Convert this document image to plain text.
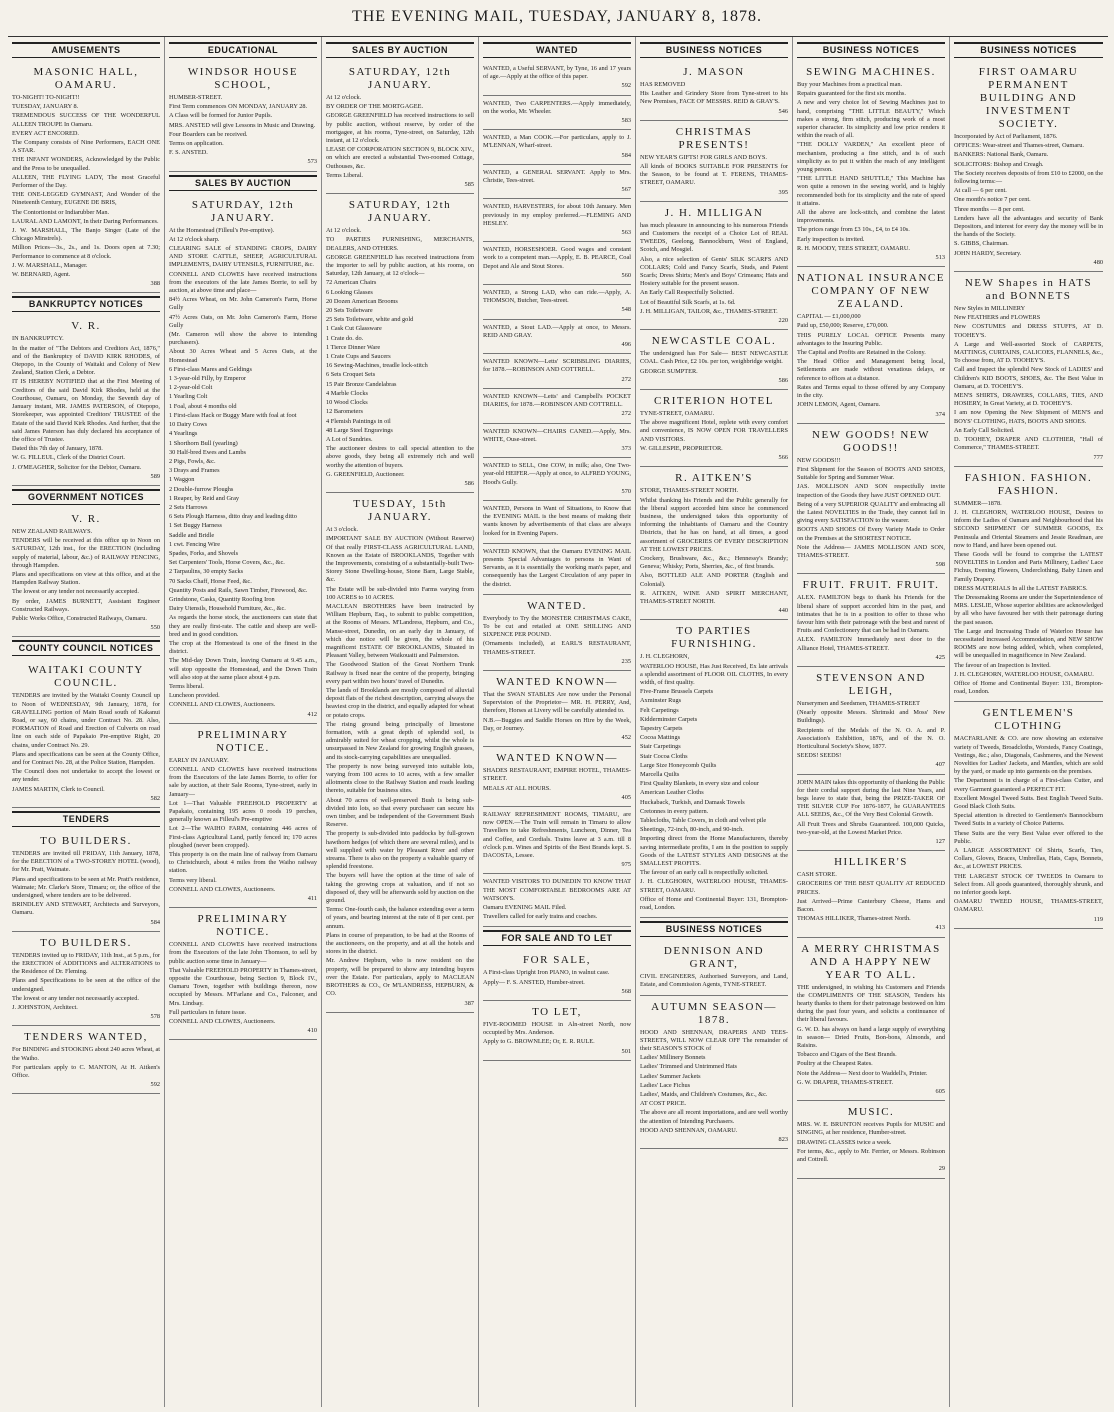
THE EVENING MAIL, TUESDAY, JANUARY 8, 1878.
AMUSEMENTS
MASONIC HALL, OAMARU.

TO-NIGHT! TO-NIGHT!!

TUESDAY, JANUARY 8.

TREMENDOUS SUCCESS OF THE WONDERFUL ALLEEN TROUPE In Oamaru.

EVERY ACT ENCORED.

The Company consists of Nine Performers, EACH ONE A STAR.

THE INFANT WONDERS, Acknowledged by the Public and the Press to be unequalled.

ALLEEN, THE FLYING LADY, The most Graceful Performer of the Day.

THE ONE-LEGGED GYMNAST, And Wonder of the Nineteenth Century, EUGENE DE BRIS,

The Contortionist or Indiarubber Man.

LAURAL AND LAMONT, In their Daring Performances.

J. W. MARSHALL, The Banjo Singer (Late of the Chicago Minstrels).

Million Prices—3s., 2s., and 1s. Doors open at 7.30; Performance to commence at 8 o'clock.

J. W. MARSHALL, Manager.

W. BERNARD, Agent.

388
BANKRUPTCY NOTICES
V. R.

IN BANKRUPTCY.

In the matter of "The Debtors and Creditors Act, 1876," and of the Bankruptcy of DAVID KIRK RHODES, of Otepopo, in the County of Waitaki and Colony of New Zealand, Station Clerk, a Debtor.

IT IS HEREBY NOTIFIED that at the First Meeting of Creditors of the said David Kirk Rhodes, held at the Courthouse, Oamaru, on Monday, the Seventh day of January instant, MR. JAMES PATERSON, of Otepopo, Storekeeper, was appointed Creditors' TRUSTEE of the Estate of the said David Kirk Rhodes. And further, that the said James Paterson has duly declared his acceptance of the office of Trustee.

Dated this 7th day of January, 1878.

W. G. FILLEUL, Clerk of the District Court.

J. O'MEAGHER, Solicitor for the Debtor, Oamaru.

589
GOVERNMENT NOTICES
V. R.

NEW ZEALAND RAILWAYS.

TENDERS will be received at this office up to Noon on SATURDAY, 12th inst., for the ERECTION (including supply of material, labour, &c.) of RAILWAY FENCING, through Hampden.

Plans and specifications on view at this office, and at the Hampden Railway Station.

The lowest or any tender not necessarily accepted.

By order, JAMES BURNETT, Assistant Engineer Constructed Railways.

Public Works Office, Constructed Railways, Oamaru.

550
COUNTY COUNCIL NOTICES
WAITAKI COUNTY COUNCIL.

TENDERS are invited by the Waitaki County Council up to Noon of WEDNESDAY, 9th January, 1878, for GRAVELLING portion of Main Road south of Kakanui Road, or say, 60 chains, under Contract No. 28. Also, FORMATION of Road and Erection of Culverts on road line on each side of Papakaio Pre-emptive Right, 20 chains, under Contract No. 29.

Plans and specifications can be seen at the County Office, and for Contract No. 28, at the Police Station, Hampden.

The Council does not undertake to accept the lowest or any tender.

JAMES MARTIN, Clerk to Council.

582
TENDERS
TO BUILDERS.

TENDERS are invited till FRIDAY, 11th January, 1878, for the ERECTION of a TWO-STOREY HOTEL (wood), for Mr. Pratt, Waimate.

Plans and specifications to be seen at Mr. Pratt's residence, Waimate; Mr. Clarke's Store, Timaru; or, the office of the undersigned, where tenders are to be delivered.

BRINDLEY AND STEWART, Architects and Surveyors, Oamaru.

584
TO BUILDERS.

TENDERS invited up to FRIDAY, 11th Inst., at 5 p.m., for the ERECTION of ADDITIONS and ALTERATIONS to the Residence of Dr. Fleming.

Plans and Specifications to be seen at the office of the undersigned.

The lowest or any tender not necessarily accepted.

J. JOHNSTON, Architect.

578
TENDERS WANTED,

For BINDING and STOOKING about 240 acres Wheat, at the Waiho.

For particulars apply to C. MANTON, At H. Aitken's Office.

592
EDUCATIONAL
WINDSOR HOUSE SCHOOL,

HUMBER-STREET.

First Term commences ON MONDAY, JANUARY 28.

A Class will be formed for Junior Pupils.

MRS. ANSTED will give Lessons in Music and Drawing.

Four Boarders can be received.

Terms on application.

F. S. ANSTED.

573
SALES BY AUCTION
SATURDAY, 12th JANUARY.

At the Homestead (Filleul's Pre-emptive).

At 12 o'clock sharp.

CLEARING SALE of STANDING CROPS, DAIRY AND STORE CATTLE, SHEEP, AGRICULTURAL IMPLEMENTS, DAIRY UTENSILS, FURNITURE, &c.

CONNELL AND CLOWES have received instructions from the executors of the late James Borrie, to sell by auction, at above time and place—

84½ Acres Wheat, on Mr. John Cameron's Farm, Horse Gully

47½ Acres Oats, on Mr. John Cameron's Farm, Horse Gully

(Mr. Cameron will show the above to intending purchasers).

About 30 Acres Wheat and 5 Acres Oats, at the Homestead

6 First-class Mares and Geldings

1 3-year-old Filly, by Emperor

1 2-year-old Colt

1 Yearling Colt

1 Foal, about 4 months old

1 First-class Hack or Buggy Mare with foal at foot

10 Dairy Cows

4 Yearlings

1 Shorthorn Bull (yearling)

30 Half-bred Ewes and Lambs

2 Pigs, Fowls, &c.

3 Drays and Frames

1 Waggon

2 Double-furrow Ploughs

1 Reaper, by Reid and Gray

2 Sets Harrows

6 Sets Plough Harness, ditto dray and leading ditto

1 Set Buggy Harness

Saddle and Bridle

1 cwt. Fencing Wire

Spades, Forks, and Shovels

Set Carpenters' Tools, Horse Covers, &c., &c.

2 Tarpaulins, 30 empty Sacks

70 Sacks Chaff, Horse Feed, &c.

Quantity Posts and Rails, Sawn Timber, Firewood, &c.

Grindstone, Casks, Quantity Roofing Iron

Dairy Utensils, Household Furniture, &c., &c.

As regards the horse stock, the auctioneers can state that they are really first-rate. The cattle and sheep are well-bred and in good condition.

The crop at the Homestead is one of the finest in the district.

The Mid-day Down Train, leaving Oamaru at 9.45 a.m., will stop opposite the Homestead, and the Down Train will also stop at the same place about 4 p.m.

Terms liberal.

Luncheon provided.

CONNELL AND CLOWES, Auctioneers.

412
PRELIMINARY NOTICE.

EARLY IN JANUARY.

CONNELL AND CLOWES have received instructions from the Executors of the late James Borrie, to offer for sale by auction, at their Sale Rooms, Tyne-street, early in January—

Lot 1—That Valuable FREEHOLD PROPERTY at Papakaio, containing 195 acres 0 roods 19 perches, generally known as Filleul's Pre-emptive

Lot 2—The WAIHO FARM, containing 446 acres of First-class Agricultural Land, partly fenced in; 170 acres ploughed (never been cropped).

This property is on the main line of railway from Oamaru to Christchurch, about 4 miles from the Waiho railway station.

Terms very liberal.

CONNELL AND CLOWES, Auctioneers.

411
PRELIMINARY NOTICE.

CONNELL AND CLOWES have received instructions from the Executors of the late John Thomson, to sell by public auction some time in January—

That Valuable FREEHOLD PROPERTY in Thames-street, opposite the Courthouse, being Section 9, Block IV., Oamaru Town, together with buildings thereon, now occupied by Messrs. M'Farlane and Co., Falconer, and Mrs. Lindsay.

Full particulars in future issue.

CONNELL AND CLOWES, Auctioneers.

410
SALES BY AUCTION
SATURDAY, 12th JANUARY.

At 12 o'clock.

BY ORDER OF THE MORTGAGEE.

GEORGE GREENFIELD has received instructions to sell by public auction, without reserve, by order of the mortgagee, at his rooms, Tyne-street, on Saturday, 12th instant, at 12 o'clock.

LEASE OF CORPORATION SECTION 9, BLOCK XIV., on which are erected a substantial Two-roomed Cottage, Outhouses, &c.

Terms Liberal.

585
SATURDAY, 12th JANUARY.

At 12 o'clock.

TO PARTIES FURNISHING, MERCHANTS, DEALERS, AND OTHERS.

GEORGE GREENFIELD has received instructions from the importer to sell by public auction, at his rooms, on Saturday, 12th January, at 12 o'clock—

72 American Chairs

6 Looking Glasses

20 Dozen American Brooms

20 Sets Toiletware

25 Sets Toiletware, white and gold

1 Cask Cut Glassware

1 Crate do. do.

1 Tierce Dinner Ware

1 Crate Cups and Saucers

16 Sewing-Machines, treadle lock-stitch

6 Sets Croquet Sets

15 Pair Bronze Candelabras

4 Marble Clocks

10 Wood Clocks

12 Barometers

4 Flemish Paintings in oil

48 Large Steel Engravings

A Lot of Sundries.

The auctioneer desires to call special attention to the above goods, they being all extremely rich and well worthy the attention of buyers.

G. GREENFIELD, Auctioneer.

586
TUESDAY, 15th JANUARY.

At 3 o'clock.

IMPORTANT SALE BY AUCTION (Without Reserve) Of that really FIRST-CLASS AGRICULTURAL LAND, Known as the Estate of BROOKLANDS, Together with the Improvements, consisting of a substantially-built Two-Storey Stone Dwelling-house, Stone Barn, Large Stable, &c.

The Estate will be sub-divided into Farms varying from 100 ACRES to 10 ACRES.

MACLEAN BROTHERS have been instructed by William Hepburn, Esq., to submit to public competition, at the Rooms of Messrs. M'Landress, Hepburn, and Co., Manse-street, Dunedin, on an early day in January, of which due notice will be given, the whole of his magnificent ESTATE OF BROOKLANDS, Situated in Pleasant Valley, between Waikouaiti and Palmerston.

The Goodwood Station of the Great Northern Trunk Railway is fixed near the centre of the property, bringing every part within two hours' travel of Dunedin.

The lands of Brooklands are mostly composed of alluvial deposit flats of the richest description, carrying always the heaviest crop in the district, and equally adapted for wheat or potato crops.

The rising ground being principally of limestone formation, with a great depth of splendid soil, is admirably suited for wheat cropping, whilst the whole is unsurpassed in New Zealand for growing English grasses, and its stock-carrying capabilities are unequalled.

The property is now being surveyed into suitable lots, varying from 100 acres to 10 acres, with a few smaller allotments close to the Railway Station and roads leading thereto, suitable for business sites.

About 70 acres of well-preserved Bush is being sub-divided into lots, so that every purchaser can secure his own timber, and be independent of the Government Bush Reserve.

The property is sub-divided into paddocks by full-grown hawthorn hedges (of which there are several miles), and is well supplied with water by Pleasant River and other streams. There is also on the property a valuable quarry of splendid freestone.

The buyers will have the option at the time of sale of taking the growing crops at valuation, and if not so disposed of, they will be afterwards sold by auction on the ground.

Terms: One-fourth cash, the balance extending over a term of years, and bearing interest at the rate of 8 per cent. per annum.

Plans in course of preparation, to be had at the Rooms of the auctioneers, on the property, and at all the hotels and stores in the district.

Mr. Andrew Hepburn, who is now resident on the property, will be prepared to show any intending buyers over the Estate. For particulars, apply to MACLEAN BROTHERS & CO., Or M'LANDRESS, HEPBURN, & CO.

387
WANTED

WANTED, a Useful SERVANT, by Tyne, 16 and 17 years of age.—Apply at the office of this paper.

592

WANTED, Two CARPENTERS.—Apply immediately, on the works, Mr. Wheeler.

583

WANTED, a Man COOK.—For particulars, apply to J. M'LENNAN, Wharf-street.

584

WANTED, a GENERAL SERVANT. Apply to Mrs. Christie, Tees-street.

567

WANTED, HARVESTERS, for about 10th January. Men previously in my employ preferred.—FLEMING AND HESLEY.

563

WANTED, HORSESHOER. Good wages and constant work to a competent man.—Apply, E. B. PEARCE, Coal Depot and Ale and Stout Stores.

560

WANTED, a Strong LAD, who can ride.—Apply, A. THOMSON, Butcher, Tees-street.

548

WANTED, a Stout LAD.—Apply at once, to Messrs. REID AND GRAY.

496

WANTED KNOWN—Letts' SCRIBBLING DIARIES, for 1878.—ROBINSON AND COTTRELL.

272

WANTED KNOWN—Letts' and Campbell's POCKET DIARIES, for 1878.—ROBINSON AND COTTRELL.

272

WANTED KNOWN—CHAIRS CANED.—Apply, Mrs. WHITE, Ouse-street.

373

WANTED to SELL, One COW, in milk; also, One Two-year-old HEIFER.—Apply at once, to ALFRED YOUNG, Hood's Gully.

570

WANTED, Persons in Want of Situations, to Know that the EVENING MAIL is the best means of making their wants known by advertisements of that class are always looked for in Evening Papers.

WANTED KNOWN, that the Oamaru EVENING MAIL presents Special Advantages to persons in Want of Servants, as it is essentially the working man's paper, and consequently has the Largest Circulation of any paper in the district.

WANTED.

Everybody to Try the MONSTER CHRISTMAS CAKE, To be cut and retailed at ONE SHILLING AND SIXPENCE PER POUND.

(Ornaments included), at EARL'S RESTAURANT, THAMES-STREET.

235
WANTED KNOWN—

That the SWAN STABLES Are now under the Personal Supervision of the Proprietor— MR. H. PERRY, And, therefore, Horses at Livery will be carefully attended to.

N.B.—Buggies and Saddle Horses on Hire by the Week, Day, or Journey.

452
WANTED KNOWN—

SHADES RESTAURANT, EMPIRE HOTEL, THAMES-STREET.

MEALS AT ALL HOURS.

405

RAILWAY REFRESHMENT ROOMS, TIMARU, are now OPEN.—The Train will remain in Timaru to allow Travellers to take Refreshments, Luncheon, Dinner, Tea and Coffee, and Cordials. Trains leave at 3 a.m. till 8 o'clock p.m. Wines and Spirits of the Best Brands kept. S. DACOSTA, Lessee.

975

WANTED VISITORS TO DUNEDIN TO KNOW THAT THE MOST COMFORTABLE BEDROOMS ARE AT WATSON'S.

Oamaru EVENING MAIL Filed.

Travellers called for early trains and coaches.

FOR SALE AND TO LET
FOR SALE,

A First-class Upright Iron PIANO, in walnut case.

Apply— F. S. ANSTED, Humber-street.

568
TO LET,

FIVE-ROOMED HOUSE in Aln-street North, now occupied by Mrs. Anderson.

Apply to G. BROWNLEE; Or, E. R. RULE.

501
BUSINESS NOTICES
J. MASON

HAS REMOVED

His Leather and Grindery Store from Tyne-street to his New Premises, FACE OF MESSRS. REID & GRAY'S.

546
CHRISTMAS PRESENTS!

NEW YEAR'S GIFTS! FOR GIRLS AND BOYS.

All kinds of BOOKS SUITABLE FOR PRESENTS for the Season, to be found at T. FERENS, THAMES-STREET, OAMARU.

395
J. H. MILLIGAN

has much pleasure in announcing to his numerous Friends and Customers the receipt of a Choice Lot of REAL TWEEDS, Geelong, Bannockburn, West of England, Scotch, and Mosgiel.

Also, a nice selection of Gents' SILK SCARFS AND COLLARS; Cold and Fancy Scarfs, Studs, and Patent Scarfs; Dress Shirts; Men's and Boys' Crimeans; Hats and Hosiery suitable for the present season.

An Early Call Respectfully Solicited.

Lot of Beautiful Silk Scarfs, at 1s. 6d.

J. H. MILLIGAN, TAILOR, &c., THAMES-STREET.

220
NEWCASTLE COAL.

The undersigned has For Sale— BEST NEWCASTLE COAL. Cash Price, £2 10s. per ton, weighbridge weight.

GEORGE SUMPTER.

586
CRITERION HOTEL

TYNE-STREET, OAMARU.

The above magnificent Hotel, replete with every comfort and convenience, IS NOW OPEN FOR TRAVELLERS AND VISITORS.

W. GILLESPIE, PROPRIETOR.

566
R. AITKEN'S

STORE, THAMES-STREET NORTH.

Whilst thanking his Friends and the Public generally for the liberal support accorded him since he commenced business, the undersigned takes this opportunity of informing the inhabitants of Oamaru and the Country Districts, that he has on hand, at all times, a good assortment of GROCERIES OF EVERY DESCRIPTION AT THE LOWEST PRICES.

Crockery, Brushware, &c., &c.; Hennessy's Brandy; Geneva; Whisky; Ports, Sherries, &c., of first brands.

Also, BOTTLED ALE AND PORTER (English and Colonial).

R. AITKEN, WINE AND SPIRIT MERCHANT, THAMES-STREET NORTH.

440
TO PARTIES FURNISHING.

J. H. CLEGHORN,

WATERLOO HOUSE, Has Just Received, Ex late arrivals a splendid assortment of FLOOR OIL CLOTHS, In every width, of first quality.

Five-Frame Brussels Carpets

Axminster Rugs

Felt Carpetings

Kidderminster Carpets

Tapestry Carpets

Cocoa Mattings

Stair Carpetings

Stair Cocoa Cloths

Large Size Honeycomb Quilts

Marcella Quilts

First Quality Blankets, in every size and colour

American Leather Cloths

Huckaback, Turkish, and Damask Towels

Cretonnes in every pattern.

Tablecloths, Table Covers, in cloth and velvet pile

Sheetings, 72-inch, 80-inch, and 90-inch.

Importing direct from the Home Manufacturers, thereby saving intermediate profits, I am in the position to supply Goods of the LATEST STYLES AND DESIGNS at the SMALLEST PROFITS.

The favour of an early call is respectfully solicited.

J. H. CLEGHORN, WATERLOO HOUSE, THAMES-STREET, OAMARU.

Office of Home and Continental Buyer: 131, Brompton-road, London.

BUSINESS NOTICES
DENNISON AND GRANT,

CIVIL ENGINEERS, Authorised Surveyors, and Land, Estate, and Commission Agents, TYNE-STREET.

AUTUMN SEASON—1878.

HOOD AND SHENNAN, DRAPERS AND TEES-STREETS, WILL NOW CLEAR OFF The remainder of their SEASON'S STOCK of

Ladies' Millinery Bonnets

Ladies' Trimmed and Untrimmed Hats

Ladies' Summer Jackets

Ladies' Lace Fichus

Ladies', Maids, and Children's Costumes, &c., &c.

AT COST PRICE.

The above are all recent importations, and are well worthy the attention of Intending Purchasers.

HOOD AND SHENNAN, OAMARU.

823
BUSINESS NOTICES
SEWING MACHINES.

Buy your Machines from a practical man.

Repairs guaranteed for the first six months.

A new and very choice lot of Sewing Machines just to hand, comprising "THE LITTLE BEAUTY," Which makes a strong, firm stitch, producing work of a most superior character. Its simplicity and low price renders it within the reach of all.

"THE DOLLY VARDEN," An excellent piece of mechanism, producing a fine stitch, and is of such simplicity as to put it within the reach of any intelligent young person.

"THE LITTLE HAND SHUTTLE," This Machine has won quite a renown in the sewing world, and is highly recommended both for its simplicity and the rate of speed it attains.

All the above are lock-stitch, and combine the latest improvements.

The prices range from £3 10s., £4, to £4 10s.

Early inspection is invited.

R. H. MOODY, TEES STREET, OAMARU.

513
NATIONAL INSURANCE COMPANY OF NEW ZEALAND.

CAPITAL — £1,000,000

Paid up, £50,000; Reserve, £70,000.

THIS PURELY LOCAL OFFICE Presents many advantages to the Insuring Public.

The Capital and Profits are Retained in the Colony.

The Head Office and Management being local, Settlements are made without vexatious delays, or reference to offices at a distance.

Rates and Terms equal to those offered by any Company in the city.

JOHN LEMON, Agent, Oamaru.

374
NEW GOODS! NEW GOODS!!

NEW GOODS!!!

First Shipment for the Season of BOOTS AND SHOES, Suitable for Spring and Summer Wear.

JAS. MOLLISON AND SON respectfully invite inspection of the Goods they have JUST OPENED OUT.

Being of a very SUPERIOR QUALITY and embracing all the Latest NOVELTIES in the Trade, they cannot fail in giving every SATISFACTION to the wearer.

BOOTS AND SHOES Of Every Variety Made to Order on the Premises at the SHORTEST NOTICE.

Note the Address— JAMES MOLLISON AND SON, THAMES-STREET.

598
FRUIT. FRUIT. FRUIT.

ALEX. FAMILTON begs to thank his Friends for the liberal share of support accorded him in the past, and intimates that he is in a position to offer to those who favour him with their patronage with the best and rarest of Fruits and Confectionery that can be had in Oamaru.

ALEX. FAMILTON Immediately next door to the Alliance Hotel, THAMES-STREET.

425
STEVENSON AND LEIGH,

Nurserymen and Seedsmen, THAMES-STREET

(Nearly opposite Messrs. Shrimski and Moss' New Buildings).

Recipients of the Medals of the N. O. A. and P. Association's Exhibition, 1876, and of the N. O. Horticultural Society's Show, 1877.

SEEDS! SEEDS!

407

JOHN MAIN takes this opportunity of thanking the Public for their cordial support during the last Nine Years, and begs leave to state that, being the PRIZE-TAKER OF THE SILVER CUP For 1876-1877, he GUARANTEES ALL SEEDS, &c., Of the Very Best Colonial Growth.

All Fruit Trees and Shrubs Guaranteed. 100,000 Quicks, two-year-old, at the Lowest Market Price.

127
HILLIKER'S

CASH STORE.

GROCERIES OF THE BEST QUALITY AT REDUCED PRICES.

Just Arrived—Prime Canterbury Cheese, Hams and Bacon.

THOMAS HILLIKER, Thames-street North.

413
A MERRY CHRISTMAS AND A HAPPY NEW YEAR TO ALL.

THE undersigned, in wishing his Customers and Friends the COMPLIMENTS OF THE SEASON, Tenders his hearty thanks to them for their patronage bestowed on him during the past four years, and solicits a continuance of their liberal favours.

G. W. D. has always on hand a large supply of everything in season— Dried Fruits, Bon-bons, Almonds, and Raisins.

Tobacco and Cigars of the Best Brands.

Poultry at the Cheapest Rates.

Note the Address— Next door to Waddell's, Printer.

G. W. DRAPER, THAMES-STREET.

605
MUSIC.

MRS. W. E. BRUNTON receives Pupils for MUSIC and SINGING, at her residence, Humber-street.

DRAWING CLASSES twice a week.

For terms, &c., apply to Mr. Ferrier, or Messrs. Robinson and Cottrell.

29
BUSINESS NOTICES
FIRST OAMARU PERMANENT BUILDING AND INVESTMENT SOCIETY.

Incorporated by Act of Parliament, 1876.

OFFICES: Wear-street and Thames-street, Oamaru.

BANKERS: National Bank, Oamaru.

SOLICITORS: Bishop and Creagh.

The Society receives deposits of from £10 to £2000, on the following terms:—

At call — 6 per cent.

One month's notice 7 per cent.

Three months — 8 per cent.

Lenders have all the advantages and security of Bank Depositors, and interest for every day the money will be in the hands of the Society.

S. GIBBS, Chairman.

JOHN HARDY, Secretary.

480
NEW Shapes in HATS and BONNETS

New Styles in MILLINERY

New FEATHERS and FLOWERS

New COSTUMES and DRESS STUFFS, AT D. TOOHEY'S.

A Large and Well-assorted Stock of CARPETS, MATTINGS, CURTAINS, CALICOES, FLANNELS, &c., To choose from, AT D. TOOHEY'S.

Call and Inspect the splendid New Stock of LADIES' and Children's KID BOOTS, SHOES, &c. The Best Value in Oamaru, at D. TOOHEY'S.

MEN'S SHIRTS, DRAWERS, COLLARS, TIES, AND HOSIERY, In Great Variety, at D. TOOHEY'S.

I am now Opening the New Shipment of MEN'S and BOYS' CLOTHING, HATS, BOOTS AND SHOES.

An Early Call Solicited.

D. TOOHEY, DRAPER AND CLOTHIER, "Hall of Commerce," THAMES-STREET.

777
FASHION. FASHION. FASHION.

SUMMER—1878.

J. H. CLEGHORN, WATERLOO HOUSE, Desires to inform the Ladies of Oamaru and Neighbourhood that his SECOND SHIPMENT OF SUMMER GOODS, Ex Peninsula and Oriental Steamers and Jessie Readman, are now to Hand, and have been opened out.

These Goods will be found to comprise the LATEST NOVELTIES in London and Paris Millinery, Ladies' Lace Fichus, Evening Flowers, Underclothing, Baby Linen and Family Drapery.

DRESS MATERIALS In all the LATEST FABRICS.

The Dressmaking Rooms are under the Superintendence of MRS. LESLIE, Whose superior abilities are acknowledged by all who have favoured her with their patronage during the past season.

The Large and Increasing Trade of Waterloo House has necessitated increased Accommodation, and NEW SHOW ROOMS are now being added, which, when completed, will be unequalled in magnificence in New Zealand.

The favour of an Inspection is Invited.

J. H. CLEGHORN, WATERLOO HOUSE, OAMARU.

Office of Home and Continental Buyer: 131, Brompton-road, London.

GENTLEMEN'S CLOTHING

MACFARLANE & CO. are now showing an extensive variety of Tweeds, Broadcloths, Worsteds, Fancy Coatings, Vestings, &c.; also, Diagonals, Cashmeres, and the Newest Novelties for Ladies' Jackets, and Mantles, which are sold by the yard, or made up into garments on the premises.

The Department is in charge of a First-class Cutter, and every Garment guaranteed a PERFECT FIT.

Excellent Mosgiel Tweed Suits. Best English Tweed Suits. Good Black Cloth Suits.

Special attention is directed to Gentlemen's Bannockburn Tweed Suits in a variety of Choice Patterns.

These Suits are the very Best Value ever offered to the Public.

A LARGE ASSORTMENT Of Shirts, Scarfs, Ties, Collars, Gloves, Braces, Umbrellas, Hats, Caps, Bonnets, &c., at LOWEST PRICES.

THE LARGEST STOCK OF TWEEDS In Oamaru to Select from. All goods guaranteed, thoroughly shrunk, and no inferior goods kept.

OAMARU TWEED HOUSE, THAMES-STREET, OAMARU.

119
